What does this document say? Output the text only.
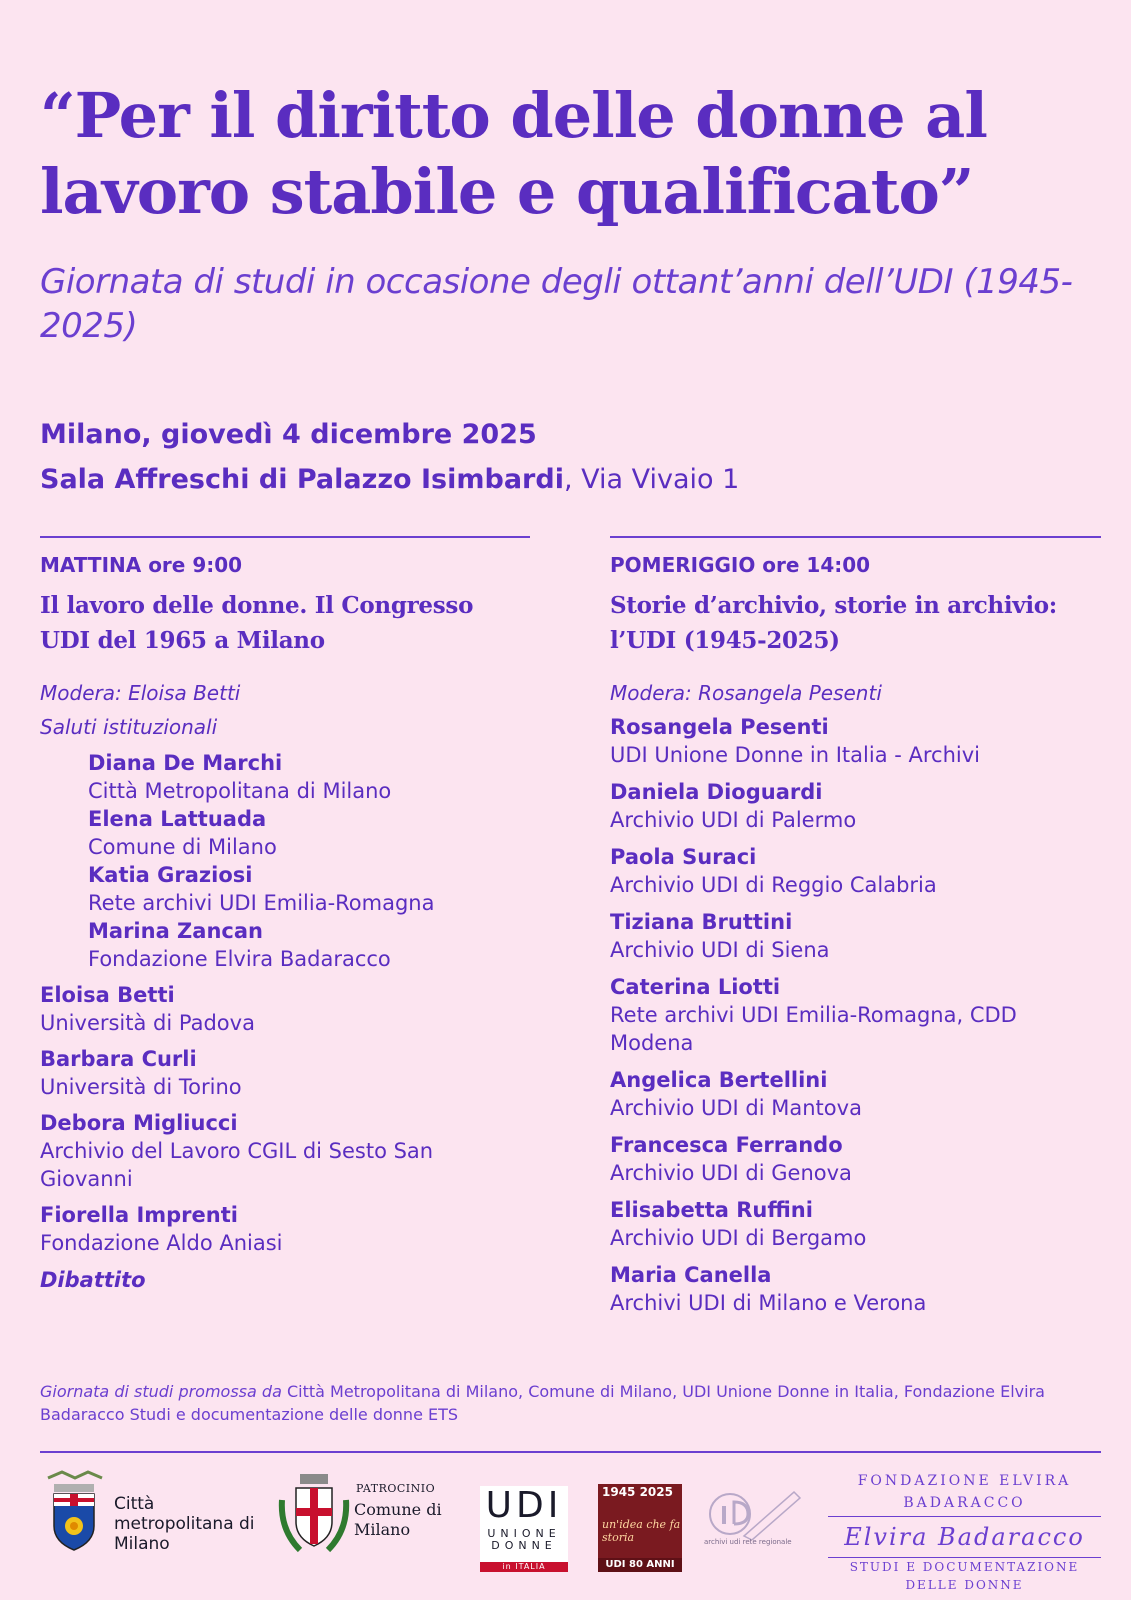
“Per il diritto delle donne al lavoro stabile e qualificato”

Giornata di studi in occasione degli ottant’anni dell’UDI (1945-2025)

Milano, giovedì 4 dicembre 2025
Sala Affreschi di Palazzo Isimbardi, Via Vivaio 1
MATTINA ore 9:00
Il lavoro delle donne. Il Congresso UDI del 1965 a Milano
Modera: Eloisa Betti
Saluti istituzionali
Diana De Marchi
Città Metropolitana di Milano
Elena Lattuada
Comune di Milano
Katia Graziosi
Rete archivi UDI Emilia-Romagna
Marina Zancan
Fondazione Elvira Badaracco
Eloisa Betti
Università di Padova
Barbara Curli
Università di Torino
Debora Migliucci
Archivio del Lavoro CGIL di Sesto San Giovanni
Fiorella Imprenti
Fondazione Aldo Aniasi
Dibattito
POMERIGGIO ore 14:00
Storie d’archivio, storie in archivio: l’UDI (1945-2025)
Modera: Rosangela Pesenti
Rosangela Pesenti
UDI Unione Donne in Italia - Archivi
Daniela Dioguardi
Archivio UDI di Palermo
Paola Suraci
Archivio UDI di Reggio Calabria
Tiziana Bruttini
Archivio UDI di Siena
Caterina Liotti
Rete archivi UDI Emilia-Romagna, CDD Modena
Angelica Bertellini
Archivio UDI di Mantova
Francesca Ferrando
Archivio UDI di Genova
Elisabetta Ruffini
Archivio UDI di Bergamo
Maria Canella
Archivi UDI di Milano e Verona
Giornata di studi promossa da Città Metropolitana di Milano, Comune di Milano, UDI Unione Donne in Italia, Fondazione Elvira Badaracco Studi e documentazione delle donne ETS
Città metropolitana di Milano
PATROCINIO
Comune di Milano
UDI
UNIONE DONNE
in ITALIA
1945 2025
un'idea che fa storia
UDI 80 ANNI
archivi udi rete regionale
FONDAZIONE ELVIRA BADARACCO
Elvira Badaracco
STUDI E DOCUMENTAZIONE DELLE DONNE
